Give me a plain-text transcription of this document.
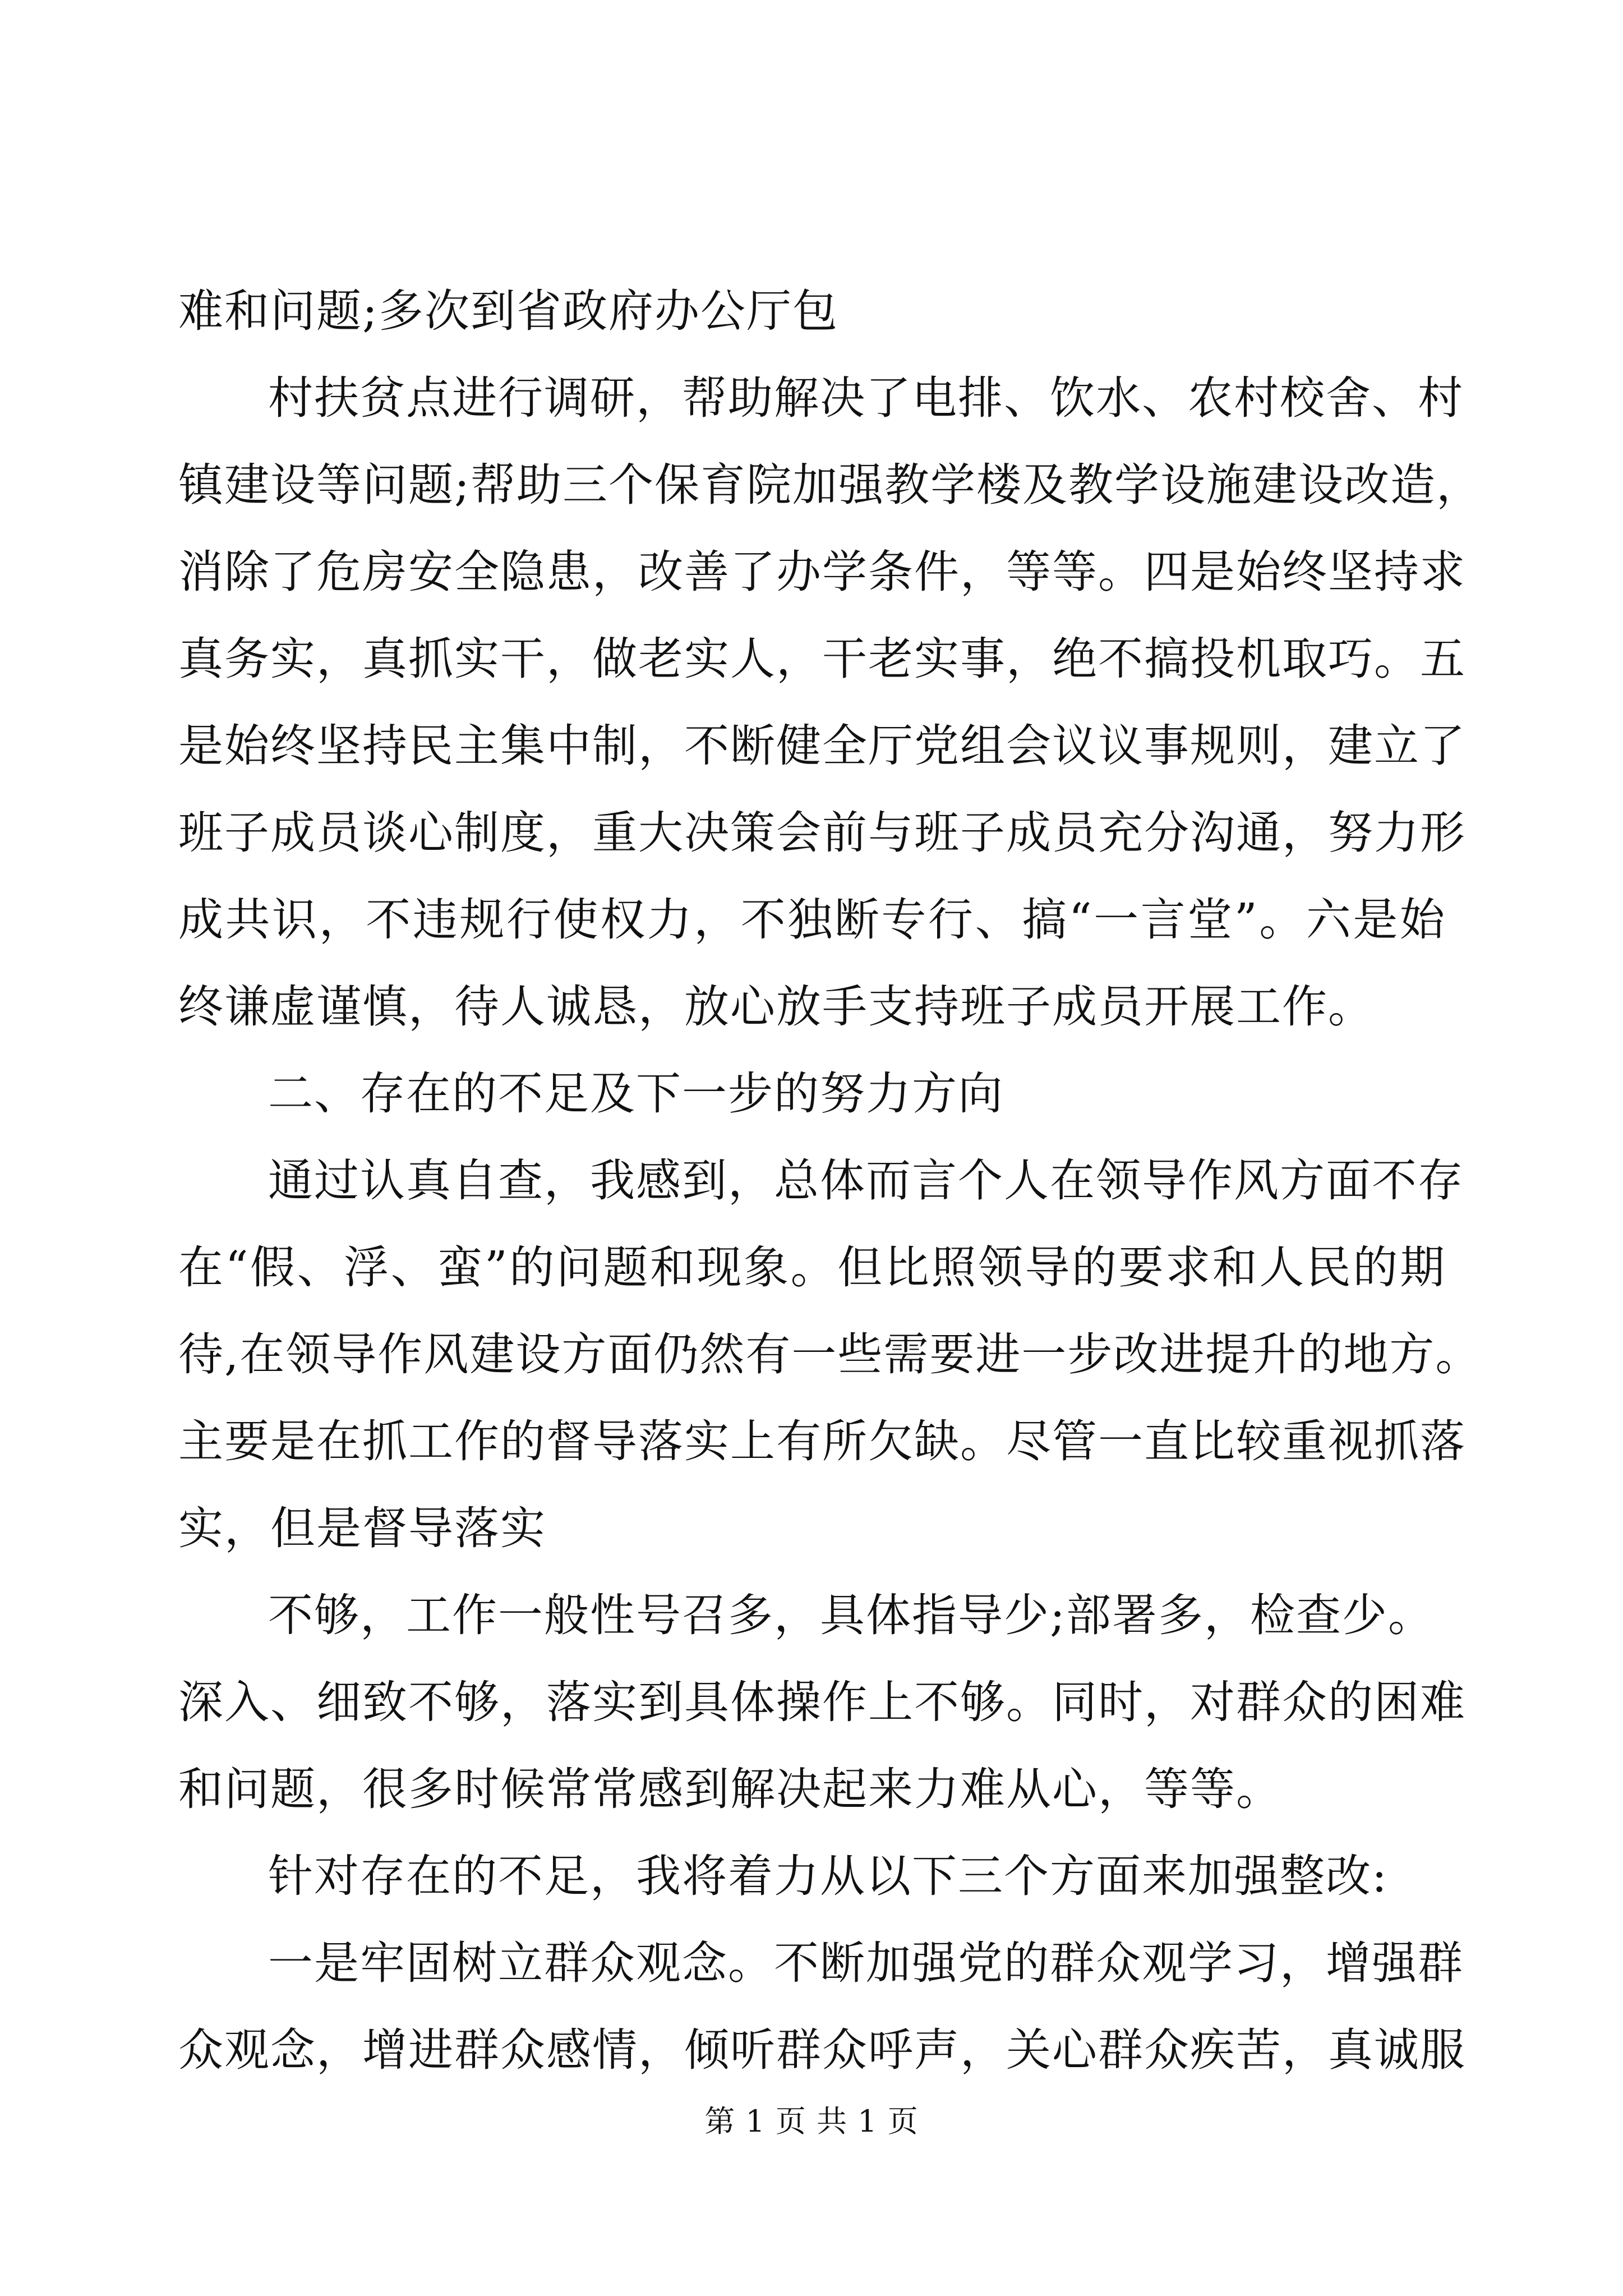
难和问题;多次到省政府办公厅包
村扶贫点进行调研，帮助解决了电排、饮水、农村校舍、村
镇建设等问题;帮助三个保育院加强教学楼及教学设施建设改造，
消除了危房安全隐患，改善了办学条件，等等。四是始终坚持求
真务实，真抓实干，做老实人，干老实事，绝不搞投机取巧。五
是始终坚持民主集中制，不断健全厅党组会议议事规则，建立了
班子成员谈心制度，重大决策会前与班子成员充分沟通，努力形
成共识，不违规行使权力，不独断专行、搞“一言堂”。六是始
终谦虚谨慎，待人诚恳，放心放手支持班子成员开展工作。
二、存在的不足及下一步的努力方向
通过认真自查，我感到，总体而言个人在领导作风方面不存
在“假、浮、蛮”的问题和现象。但比照领导的要求和人民的期
待,在领导作风建设方面仍然有一些需要进一步改进提升的地方。
主要是在抓工作的督导落实上有所欠缺。尽管一直比较重视抓落
实，但是督导落实
不够，工作一般性号召多，具体指导少;部署多，检查少。
深入、细致不够，落实到具体操作上不够。同时，对群众的困难
和问题，很多时候常常感到解决起来力难从心，等等。
针对存在的不足，我将着力从以下三个方面来加强整改:
一是牢固树立群众观念。不断加强党的群众观学习，增强群
众观念，增进群众感情，倾听群众呼声，关心群众疾苦，真诚服
第 1 页 共 1 页
